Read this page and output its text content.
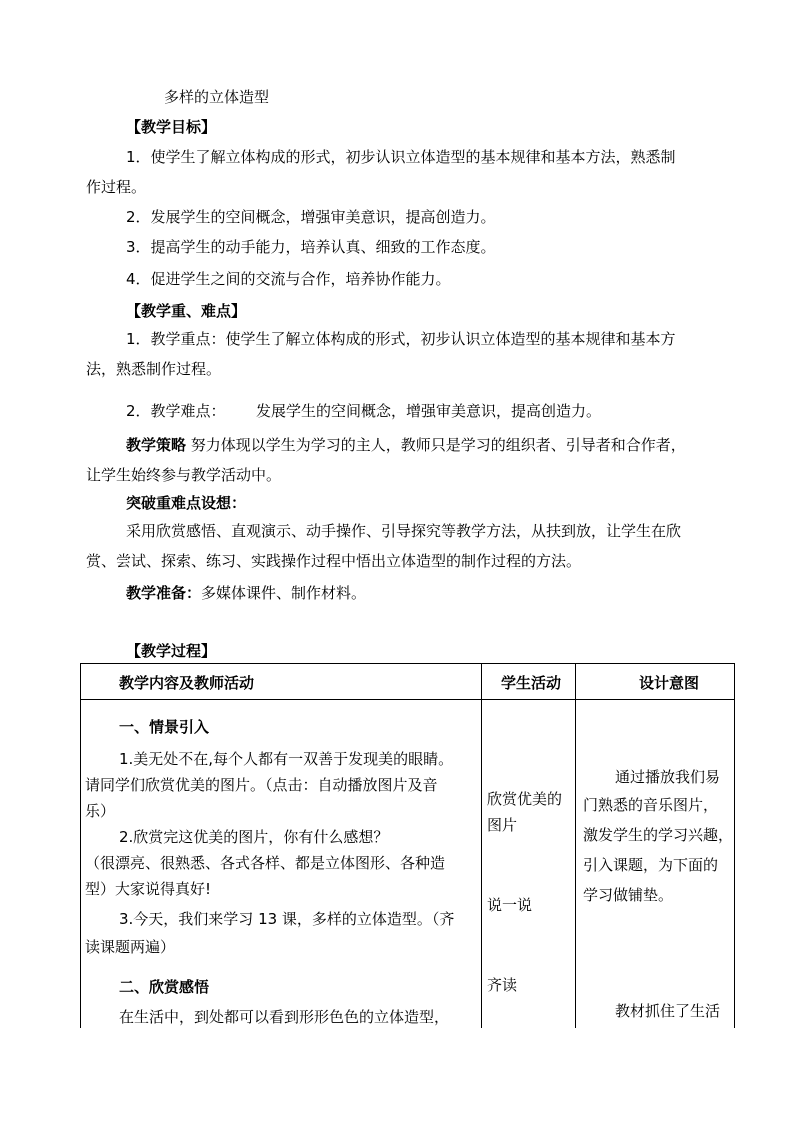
多样的立体造型
【教学目标】
1．使学生了解立体构成的形式，初步认识立体造型的基本规律和基本方法，熟悉制
作过程。
2．发展学生的空间概念，增强审美意识，提高创造力。
3．提高学生的动手能力，培养认真、细致的工作态度。
4．促进学生之间的交流与合作，培养协作能力。
【教学重、难点】
1．教学重点：使学生了解立体构成的形式，初步认识立体造型的基本规律和基本方
法，熟悉制作过程。
2．教学难点： 发展学生的空间概念，增强审美意识，提高创造力。
教学策略 努力体现以学生为学习的主人，教师只是学习的组织者、引导者和合作者，
让学生始终参与教学活动中。
突破重难点设想：
采用欣赏感悟、直观演示、动手操作、引导探究等教学方法，从扶到放，让学生在欣
赏、尝试、探索、练习、实践操作过程中悟出立体造型的制作过程的方法。
教学准备：多媒体课件、制作材料。
【教学过程】
教学内容及教师活动	学生活动	设计意图
一、情景引入
1.美无处不在,每个人都有一双善于发现美的眼睛。
请同学们欣赏优美的图片。（点击：自动播放图片及音
乐）
2.欣赏完这优美的图片，你有什么感想？
（很漂亮、很熟悉、各式各样、都是立体图形、各种造
型）大家说得真好!
3.今天，我们来学习 13 课，多样的立体造型。（齐
读课题两遍）
二、欣赏感悟
在生活中，到处都可以看到形形色色的立体造型，
欣赏优美的
图片
说一说
齐读
通过播放我们易
门熟悉的音乐图片，
激发学生的学习兴趣，
引入课题，为下面的
学习做铺垫。
教材抓住了生活
